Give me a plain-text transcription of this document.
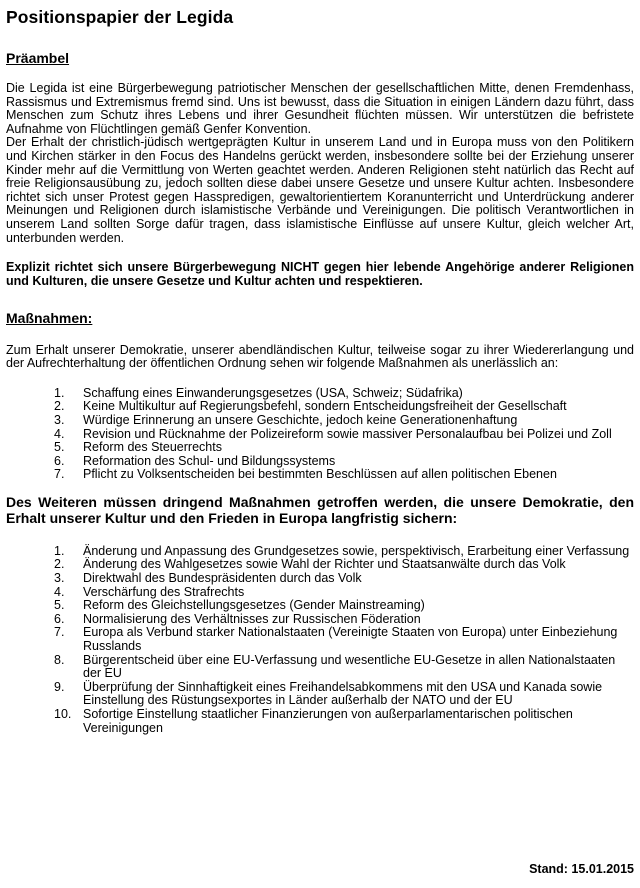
Positionspapier der Legida
Präambel

Die Legida ist eine Bürgerbewegung patriotischer Menschen der gesellschaftlichen Mitte, denen Fremdenhass, Rassismus und Extremismus fremd sind. Uns ist bewusst, dass die Situation in einigen Ländern dazu führt, dass Menschen zum Schutz ihres Lebens und ihrer Gesundheit flüchten müssen. Wir unterstützen die befristete Aufnahme von Flüchtlingen gemäß Genfer Konvention.

Der Erhalt der christlich-jüdisch wertgeprägten Kultur in unserem Land und in Europa muss von den Politikern und Kirchen stärker in den Focus des Handelns gerückt werden, insbesondere sollte bei der Erziehung unserer Kinder mehr auf die Vermittlung von Werten geachtet werden. Anderen Religionen steht natürlich das Recht auf freie Religionsausübung zu, jedoch sollten diese dabei unsere Gesetze und unsere Kultur achten. Insbesondere richtet sich unser Protest gegen Hasspredigen, gewaltorientiertem Koranunterricht und Unterdrückung anderer Meinungen und Religionen durch islamistische Verbände und Vereinigungen. Die politisch Verantwortlichen in unserem Land sollten Sorge dafür tragen, dass islamistische Einflüsse auf unsere Kultur, gleich welcher Art, unterbunden werden.

Explizit richtet sich unsere Bürgerbewegung NICHT gegen hier lebende Angehörige anderer Religionen und Kulturen, die unsere Gesetze und Kultur achten und respektieren.

Maßnahmen:

Zum Erhalt unserer Demokratie, unserer abendländischen Kultur, teilweise sogar zu ihrer Wiedererlangung und der Aufrechterhaltung der öffentlichen Ordnung sehen wir folgende Maßnahmen als unerlässlich an:

1. Schaffung eines Einwanderungsgesetzes (USA, Schweiz; Südafrika)
2. Keine Multikultur auf Regierungsbefehl, sondern Entscheidungsfreiheit der Gesellschaft
3. Würdige Erinnerung an unsere Geschichte, jedoch keine Generationenhaftung
4. Revision und Rücknahme der Polizeireform sowie massiver Personalaufbau bei Polizei und Zoll
5. Reform des Steuerrechts
6. Reformation des Schul- und Bildungssystems
7. Pflicht zu Volksentscheiden bei bestimmten Beschlüssen auf allen politischen Ebenen

Des Weiteren müssen dringend Maßnahmen getroffen werden, die unsere Demokratie, den Erhalt unserer Kultur und den Frieden in Europa langfristig sichern:

1. Änderung und Anpassung des Grundgesetzes sowie, perspektivisch, Erarbeitung einer Verfassung
2. Änderung des Wahlgesetzes sowie Wahl der Richter und Staatsanwälte durch das Volk
3. Direktwahl des Bundespräsidenten durch das Volk
4. Verschärfung des Strafrechts
5. Reform des Gleichstellungsgesetzes (Gender Mainstreaming)
6. Normalisierung des Verhältnisses zur Russischen Föderation
7. Europa als Verbund starker Nationalstaaten (Vereinigte Staaten von Europa) unter Einbeziehung Russlands
8. Bürgerentscheid über eine EU-Verfassung und wesentliche EU-Gesetze in allen Nationalstaaten der EU
9. Überprüfung der Sinnhaftigkeit eines Freihandelsabkommens mit den USA und Kanada sowie Einstellung des Rüstungsexportes in Länder außerhalb der NATO und der EU
10. Sofortige Einstellung staatlicher Finanzierungen von außerparlamentarischen politischen Vereinigungen
Stand: 15.01.2015
